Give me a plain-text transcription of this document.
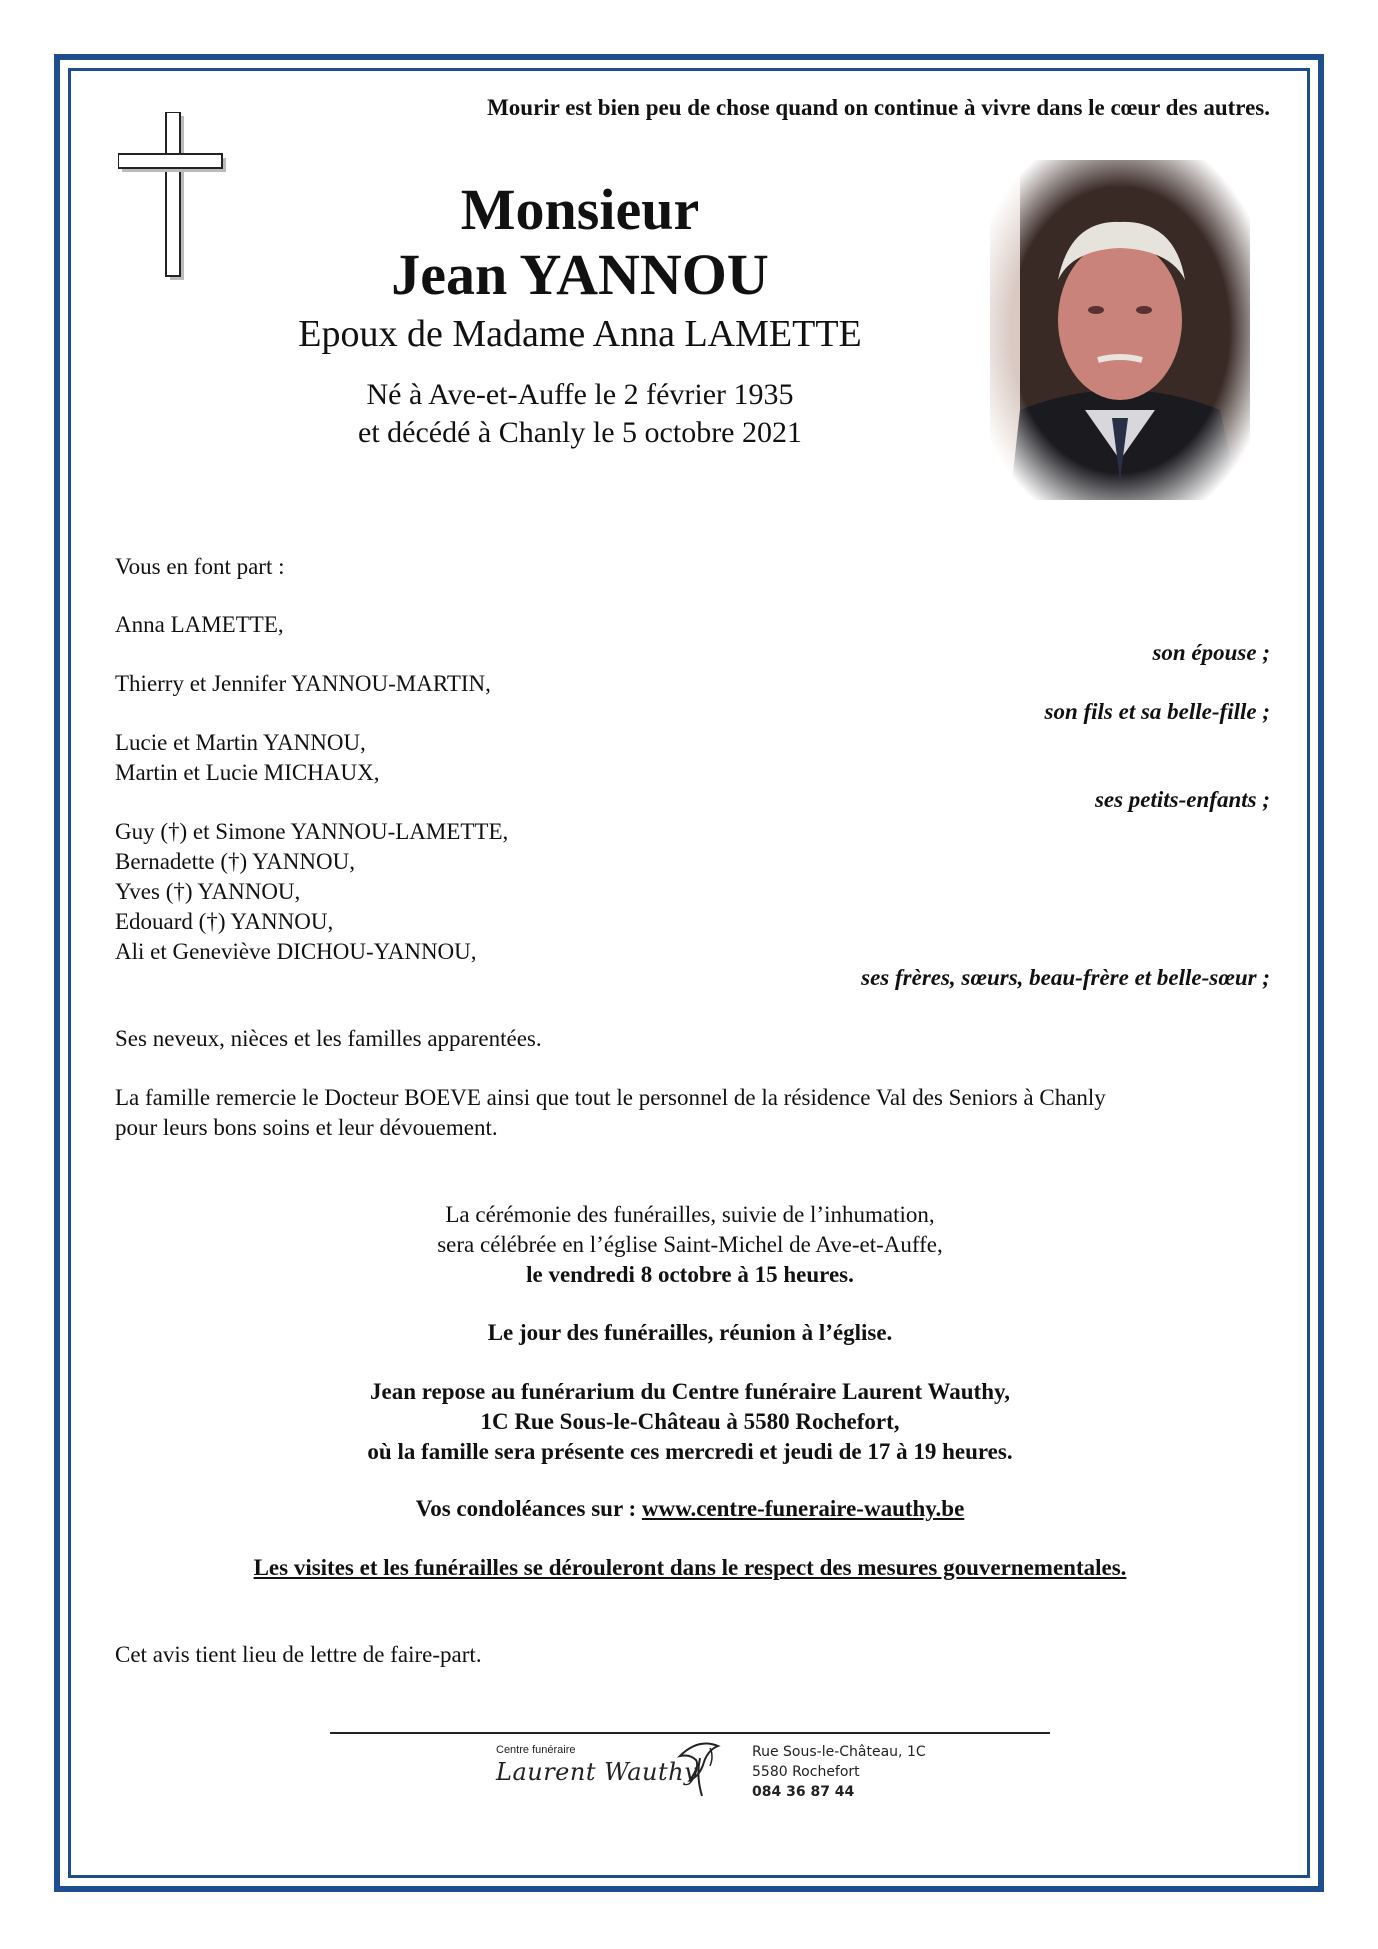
Mourir est bien peu de chose quand on continue à vivre dans le cœur des autres.
Monsieur
Jean YANNOU
Epoux de Madame Anna LAMETTE
Né à Ave-et-Auffe le 2 février 1935
et décédé à Chanly le 5 octobre 2021
Vous en font part :
Anna LAMETTE,
son épouse ;
Thierry et Jennifer YANNOU-MARTIN,
son fils et sa belle-fille ;
Lucie et Martin YANNOU,
Martin et Lucie MICHAUX,
ses petits-enfants ;
Guy (†) et Simone YANNOU-LAMETTE,
Bernadette (†) YANNOU,
Yves (†) YANNOU,
Edouard (†) YANNOU,
Ali et Geneviève DICHOU-YANNOU,
ses frères, sœurs, beau-frère et belle-sœur ;
Ses neveux, nièces et les familles apparentées.
La famille remercie le Docteur BOEVE ainsi que tout le personnel de la résidence Val des Seniors à Chanly
pour leurs bons soins et leur dévouement.
La cérémonie des funérailles, suivie de l’inhumation,
sera célébrée en l’église Saint-Michel de Ave-et-Auffe,
le vendredi 8 octobre à 15 heures.
Le jour des funérailles, réunion à l’église.
Jean repose au funérarium du Centre funéraire Laurent Wauthy,
1C Rue Sous-le-Château à 5580 Rochefort,
où la famille sera présente ces mercredi et jeudi de 17 à 19 heures.
Vos condoléances sur : www.centre-funeraire-wauthy.be
Les visites et les funérailles se dérouleront dans le respect des mesures gouvernementales.
Cet avis tient lieu de lettre de faire-part.
Centre funéraire
Laurent Wauthy
Rue Sous-le-Château, 1C
5580 Rochefort
084 36 87 44
